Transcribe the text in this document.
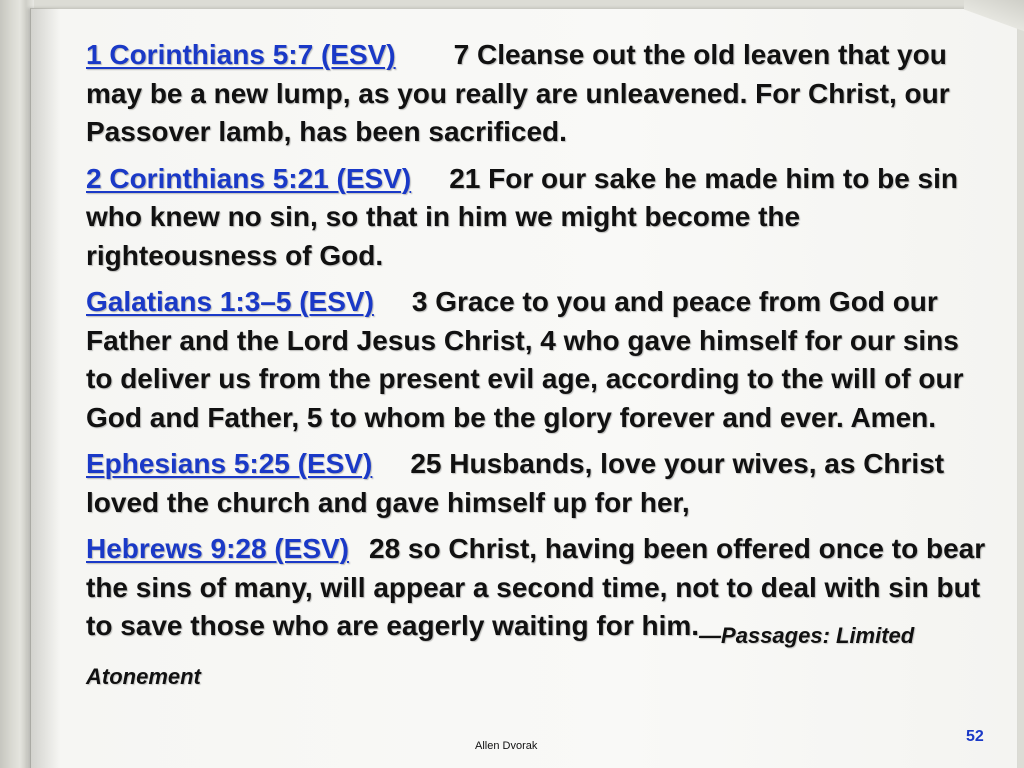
1 Corinthians 5:7 (ESV) 7 Cleanse out the old leaven that you may be a new lump, as you really are unleavened. For Christ, our Passover lamb, has been sacrificed.

2 Corinthians 5:21 (ESV) 21 For our sake he made him to be sin who knew no sin, so that in him we might become the righteousness of God.

Galatians 1:3–5 (ESV) 3 Grace to you and peace from God our Father and the Lord Jesus Christ, 4 who gave himself for our sins to deliver us from the present evil age, according to the will of our God and Father, 5 to whom be the glory forever and ever. Amen.

Ephesians 5:25 (ESV) 25 Husbands, love your wives, as Christ loved the church and gave himself up for her,

Hebrews 9:28 (ESV) 28 so Christ, having been offered once to bear the sins of many, will appear a second time, not to deal with sin but to save those who are eagerly waiting for $him._{—Passages: Limited Atonement}$

Allen Dvorak
52
